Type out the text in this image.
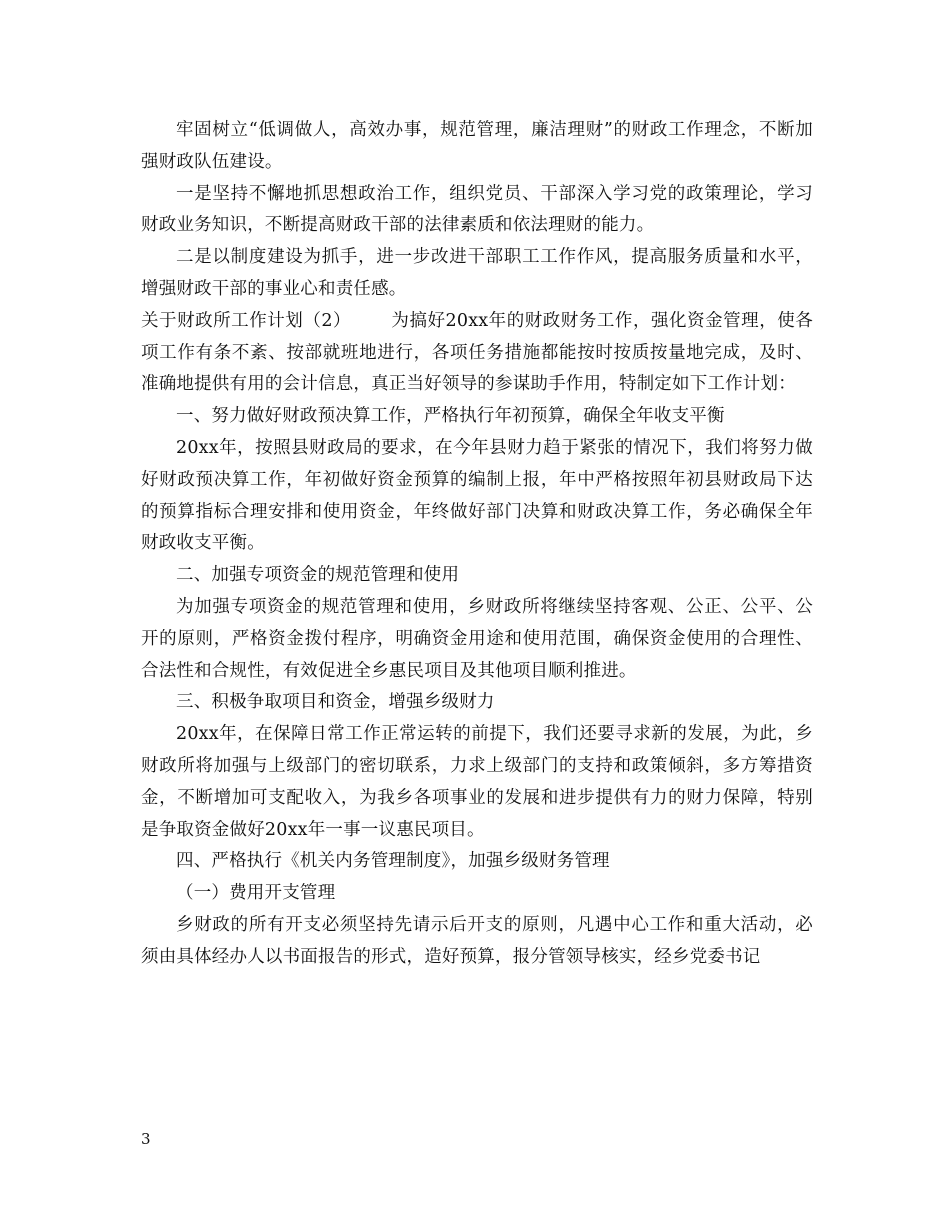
牢固树立“低调做人，高效办事，规范管理，廉洁理财”的财政工作理念，不断加强财政队伍建设。

一是坚持不懈地抓思想政治工作，组织党员、干部深入学习党的政策理论，学习财政业务知识，不断提高财政干部的法律素质和依法理财的能力。

二是以制度建设为抓手，进一步改进干部职工工作作风，提高服务质量和水平，增强财政干部的事业心和责任感。

关于财政所工作计划（2） 为搞好20xx年的财政财务工作，强化资金管理，使各项工作有条不紊、按部就班地进行，各项任务措施都能按时按质按量地完成，及时、准确地提供有用的会计信息，真正当好领导的参谋助手作用，特制定如下工作计划：

一、努力做好财政预决算工作，严格执行年初预算，确保全年收支平衡

20xx年，按照县财政局的要求，在今年县财力趋于紧张的情况下，我们将努力做好财政预决算工作，年初做好资金预算的编制上报，年中严格按照年初县财政局下达的预算指标合理安排和使用资金，年终做好部门决算和财政决算工作，务必确保全年财政收支平衡。

二、加强专项资金的规范管理和使用

为加强专项资金的规范管理和使用，乡财政所将继续坚持客观、公正、公平、公开的原则，严格资金拨付程序，明确资金用途和使用范围，确保资金使用的合理性、合法性和合规性，有效促进全乡惠民项目及其他项目顺利推进。

三、积极争取项目和资金，增强乡级财力

20xx年，在保障日常工作正常运转的前提下，我们还要寻求新的发展，为此，乡财政所将加强与上级部门的密切联系，力求上级部门的支持和政策倾斜，多方筹措资金，不断增加可支配收入，为我乡各项事业的发展和进步提供有力的财力保障，特别是争取资金做好20xx年一事一议惠民项目。

四、严格执行《机关内务管理制度》，加强乡级财务管理

（一）费用开支管理

乡财政的所有开支必须坚持先请示后开支的原则，凡遇中心工作和重大活动，必须由具体经办人以书面报告的形式，造好预算，报分管领导核实，经乡党委书记

3
